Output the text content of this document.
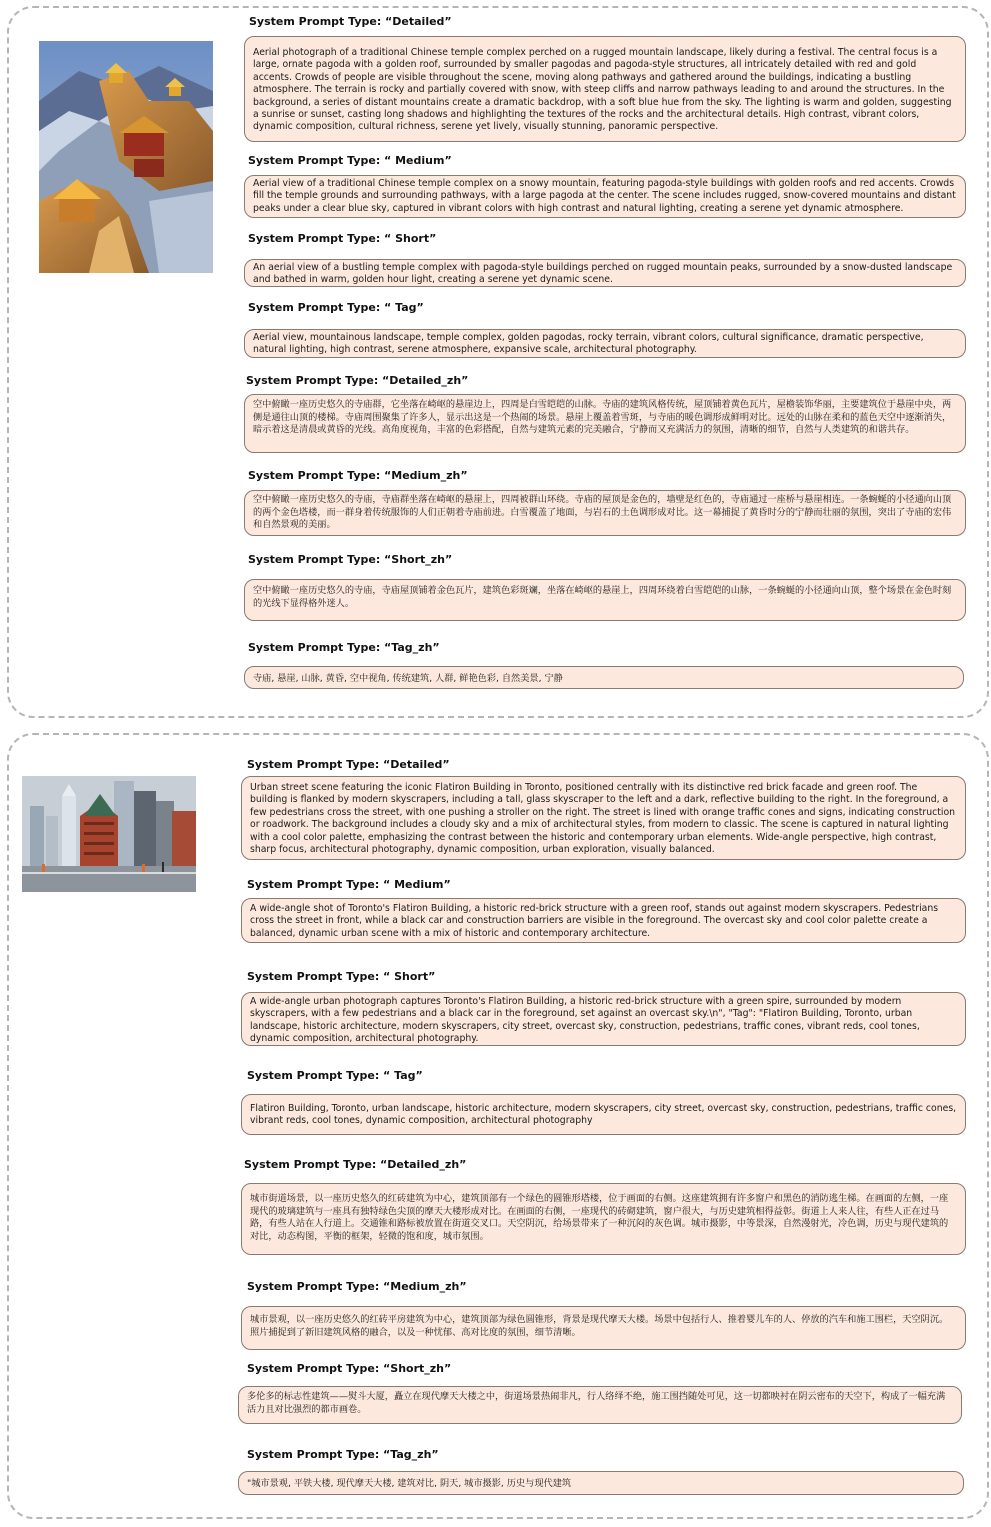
System Prompt Type: “Detailed”
Aerial photograph of a traditional Chinese temple complex perched on a rugged mountain landscape, likely during a festival. The central focus is a large, ornate pagoda with a golden roof, surrounded by smaller pagodas and pagoda-style structures, all intricately detailed with red and gold accents. Crowds of people are visible throughout the scene, moving along pathways and gathered around the buildings, indicating a bustling atmosphere. The terrain is rocky and partially covered with snow, with steep cliffs and narrow pathways leading to and around the structures. In the background, a series of distant mountains create a dramatic backdrop, with a soft blue hue from the sky. The lighting is warm and golden, suggesting a sunrise or sunset, casting long shadows and highlighting the textures of the rocks and the architectural details. High contrast, vibrant colors, dynamic composition, cultural richness, serene yet lively, visually stunning, panoramic perspective.
System Prompt Type: “ Medium”
Aerial view of a traditional Chinese temple complex on a snowy mountain, featuring pagoda-style buildings with golden roofs and red accents. Crowds fill the temple grounds and surrounding pathways, with a large pagoda at the center. The scene includes rugged, snow-covered mountains and distant peaks under a clear blue sky, captured in vibrant colors with high contrast and natural lighting, creating a serene yet dynamic atmosphere.
System Prompt Type: “ Short”
An aerial view of a bustling temple complex with pagoda-style buildings perched on rugged mountain peaks, surrounded by a snow-dusted landscape and bathed in warm, golden hour light, creating a serene yet dynamic scene.
System Prompt Type: “ Tag”
Aerial view, mountainous landscape, temple complex, golden pagodas, rocky terrain, vibrant colors, cultural significance, dramatic perspective, natural lighting, high contrast, serene atmosphere, expansive scale, architectural photography.
System Prompt Type: “Detailed_zh”
空中俯瞰一座历史悠久的寺庙群，它坐落在崎岖的悬崖边上，四周是白雪皑皑的山脉。寺庙的建筑风格传统，屋顶铺着黄色瓦片，屋檐装饰华丽，主要建筑位于悬崖中央，两侧是通往山顶的楼梯。寺庙周围聚集了许多人，显示出这是一个热闹的场景。悬崖上覆盖着雪斑，与寺庙的暖色调形成鲜明对比。远处的山脉在柔和的蓝色天空中逐渐消失，暗示着这是清晨或黄昏的光线。高角度视角，丰富的色彩搭配，自然与建筑元素的完美融合，宁静而又充满活力的氛围，清晰的细节，自然与人类建筑的和谐共存。
System Prompt Type: “Medium_zh”
空中俯瞰一座历史悠久的寺庙，寺庙群坐落在崎岖的悬崖上，四周被群山环绕。寺庙的屋顶是金色的，墙壁是红色的，寺庙通过一座桥与悬崖相连。一条蜿蜒的小径通向山顶的两个金色塔楼，而一群身着传统服饰的人们正朝着寺庙前进。白雪覆盖了地面，与岩石的土色调形成对比。这一幕捕捉了黄昏时分的宁静而壮丽的氛围，突出了寺庙的宏伟和自然景观的美丽。
System Prompt Type: “Short_zh”
空中俯瞰一座历史悠久的寺庙，寺庙屋顶铺着金色瓦片，建筑色彩斑斓，坐落在崎岖的悬崖上，四周环绕着白雪皑皑的山脉，一条蜿蜒的小径通向山顶，整个场景在金色时刻的光线下显得格外迷人。
System Prompt Type: “Tag_zh”
寺庙, 悬崖, 山脉, 黄昏, 空中视角, 传统建筑, 人群, 鲜艳色彩, 自然美景, 宁静
System Prompt Type: “Detailed”
Urban street scene featuring the iconic Flatiron Building in Toronto, positioned centrally with its distinctive red brick facade and green roof. The building is flanked by modern skyscrapers, including a tall, glass skyscraper to the left and a dark, reflective building to the right. In the foreground, a few pedestrians cross the street, with one pushing a stroller on the right. The street is lined with orange traffic cones and signs, indicating construction or roadwork. The background includes a cloudy sky and a mix of architectural styles, from modern to classic. The scene is captured in natural lighting with a cool color palette, emphasizing the contrast between the historic and contemporary urban elements. Wide-angle perspective, high contrast, sharp focus, architectural photography, dynamic composition, urban exploration, visually balanced.
System Prompt Type: “ Medium”
A wide-angle shot of Toronto's Flatiron Building, a historic red-brick structure with a green roof, stands out against modern skyscrapers. Pedestrians cross the street in front, while a black car and construction barriers are visible in the foreground. The overcast sky and cool color palette create a balanced, dynamic urban scene with a mix of historic and contemporary architecture.
System Prompt Type: “ Short”
A wide-angle urban photograph captures Toronto's Flatiron Building, a historic red-brick structure with a green spire, surrounded by modern skyscrapers, with a few pedestrians and a black car in the foreground, set against an overcast sky.\n", "Tag": "Flatiron Building, Toronto, urban landscape, historic architecture, modern skyscrapers, city street, overcast sky, construction, pedestrians, traffic cones, vibrant reds, cool tones, dynamic composition, architectural photography.
System Prompt Type: “ Tag”
Flatiron Building, Toronto, urban landscape, historic architecture, modern skyscrapers, city street, overcast sky, construction, pedestrians, traffic cones, vibrant reds, cool tones, dynamic composition, architectural photography
System Prompt Type: “Detailed_zh”
城市街道场景，以一座历史悠久的红砖建筑为中心，建筑顶部有一个绿色的圆锥形塔楼，位于画面的右侧。这座建筑拥有许多窗户和黑色的消防逃生梯。在画面的左侧，一座现代的玻璃建筑与一座具有独特绿色尖顶的摩天大楼形成对比。在画面的右侧，一座现代的砖砌建筑，窗户很大，与历史建筑相得益彰。街道上人来人往，有些人正在过马路，有些人站在人行道上。交通锥和路标被放置在街道交叉口。天空阴沉，给场景带来了一种沉闷的灰色调。城市摄影，中等景深，自然漫射光，冷色调，历史与现代建筑的对比，动态构图，平衡的框架，轻微的饱和度，城市氛围。
System Prompt Type: “Medium_zh”
城市景观，以一座历史悠久的红砖平房建筑为中心，建筑顶部为绿色圆锥形，背景是现代摩天大楼。场景中包括行人、推着婴儿车的人、停放的汽车和施工围栏，天空阴沉。照片捕捉到了新旧建筑风格的融合，以及一种忧郁、高对比度的氛围，细节清晰。
System Prompt Type: “Short_zh”
多伦多的标志性建筑——熨斗大厦，矗立在现代摩天大楼之中，街道场景热闹非凡，行人络绎不绝，施工围挡随处可见，这一切都映衬在阴云密布的天空下，构成了一幅充满活力且对比强烈的都市画卷。
System Prompt Type: “Tag_zh”
"城市景观, 平铁大楼, 现代摩天大楼, 建筑对比, 阴天, 城市摄影, 历史与现代建筑
